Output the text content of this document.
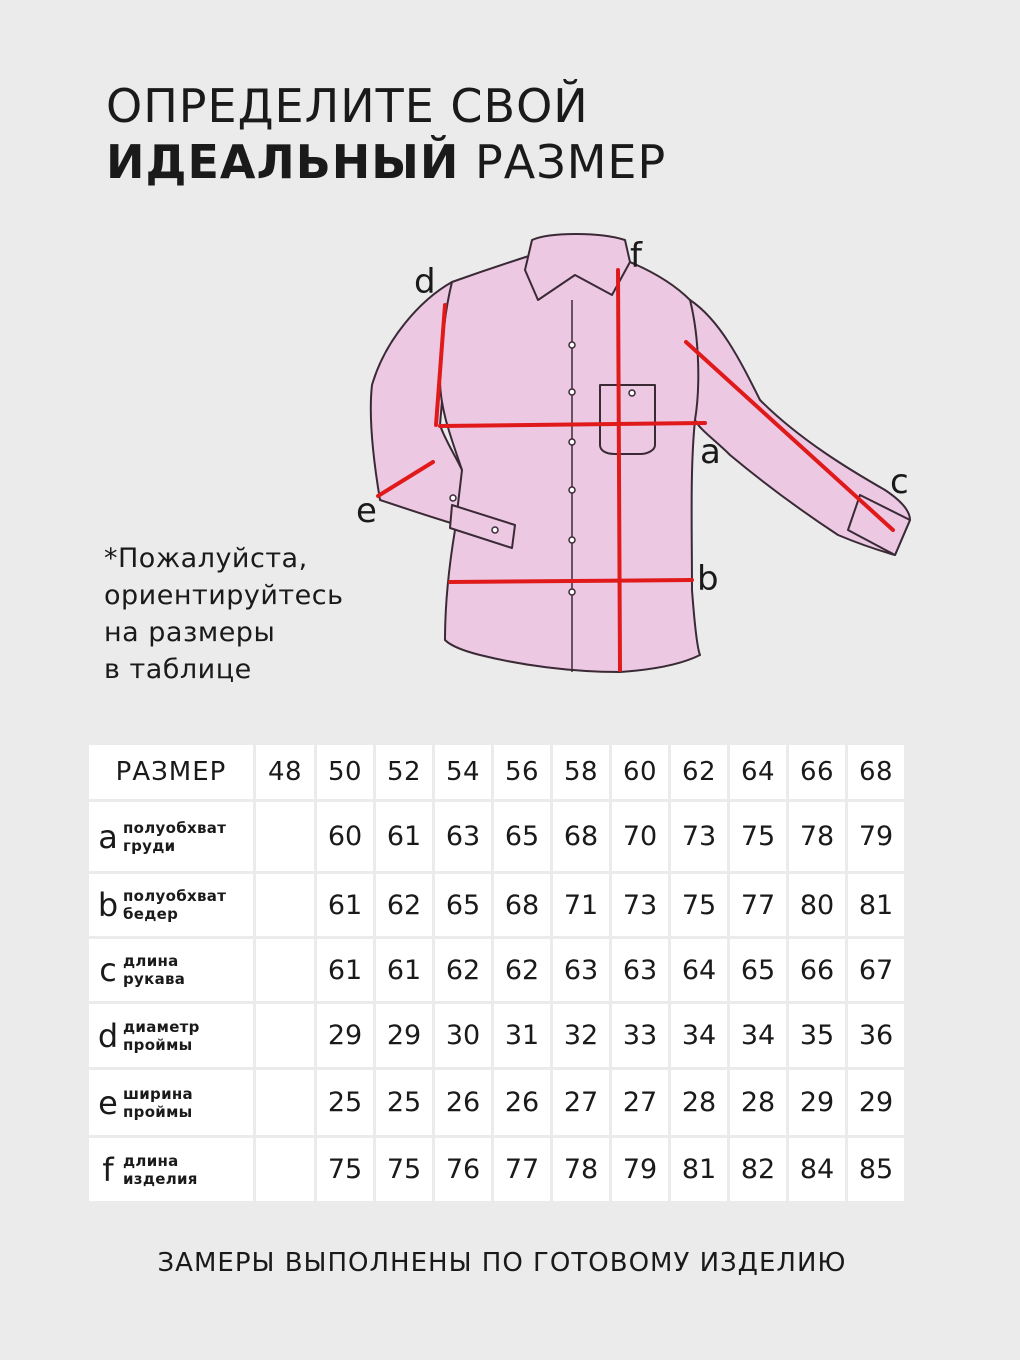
ОПРЕДЕЛИТЕ СВОЙ
ИДЕАЛЬНЫЙ РАЗМЕР
a
b
c
d
e
f
*Пожалуйста,
ориентируйтесь
на размеры
в таблице
РАЗМЕР	48	50	52	54	56	58	60	62	64	66	68
a полуобхват
груди		60	61	63	65	68	70	73	75	78	79
b полуобхват
бедер		61	62	65	68	71	73	75	77	80	81
c длина
рукава		61	61	62	62	63	63	64	65	66	67
d диаметр
проймы		29	29	30	31	32	33	34	34	35	36
e ширина
проймы		25	25	26	26	27	27	28	28	29	29
f длина
изделия		75	75	76	77	78	79	81	82	84	85
ЗАМЕРЫ ВЫПОЛНЕНЫ ПО ГОТОВОМУ ИЗДЕЛИЮ
